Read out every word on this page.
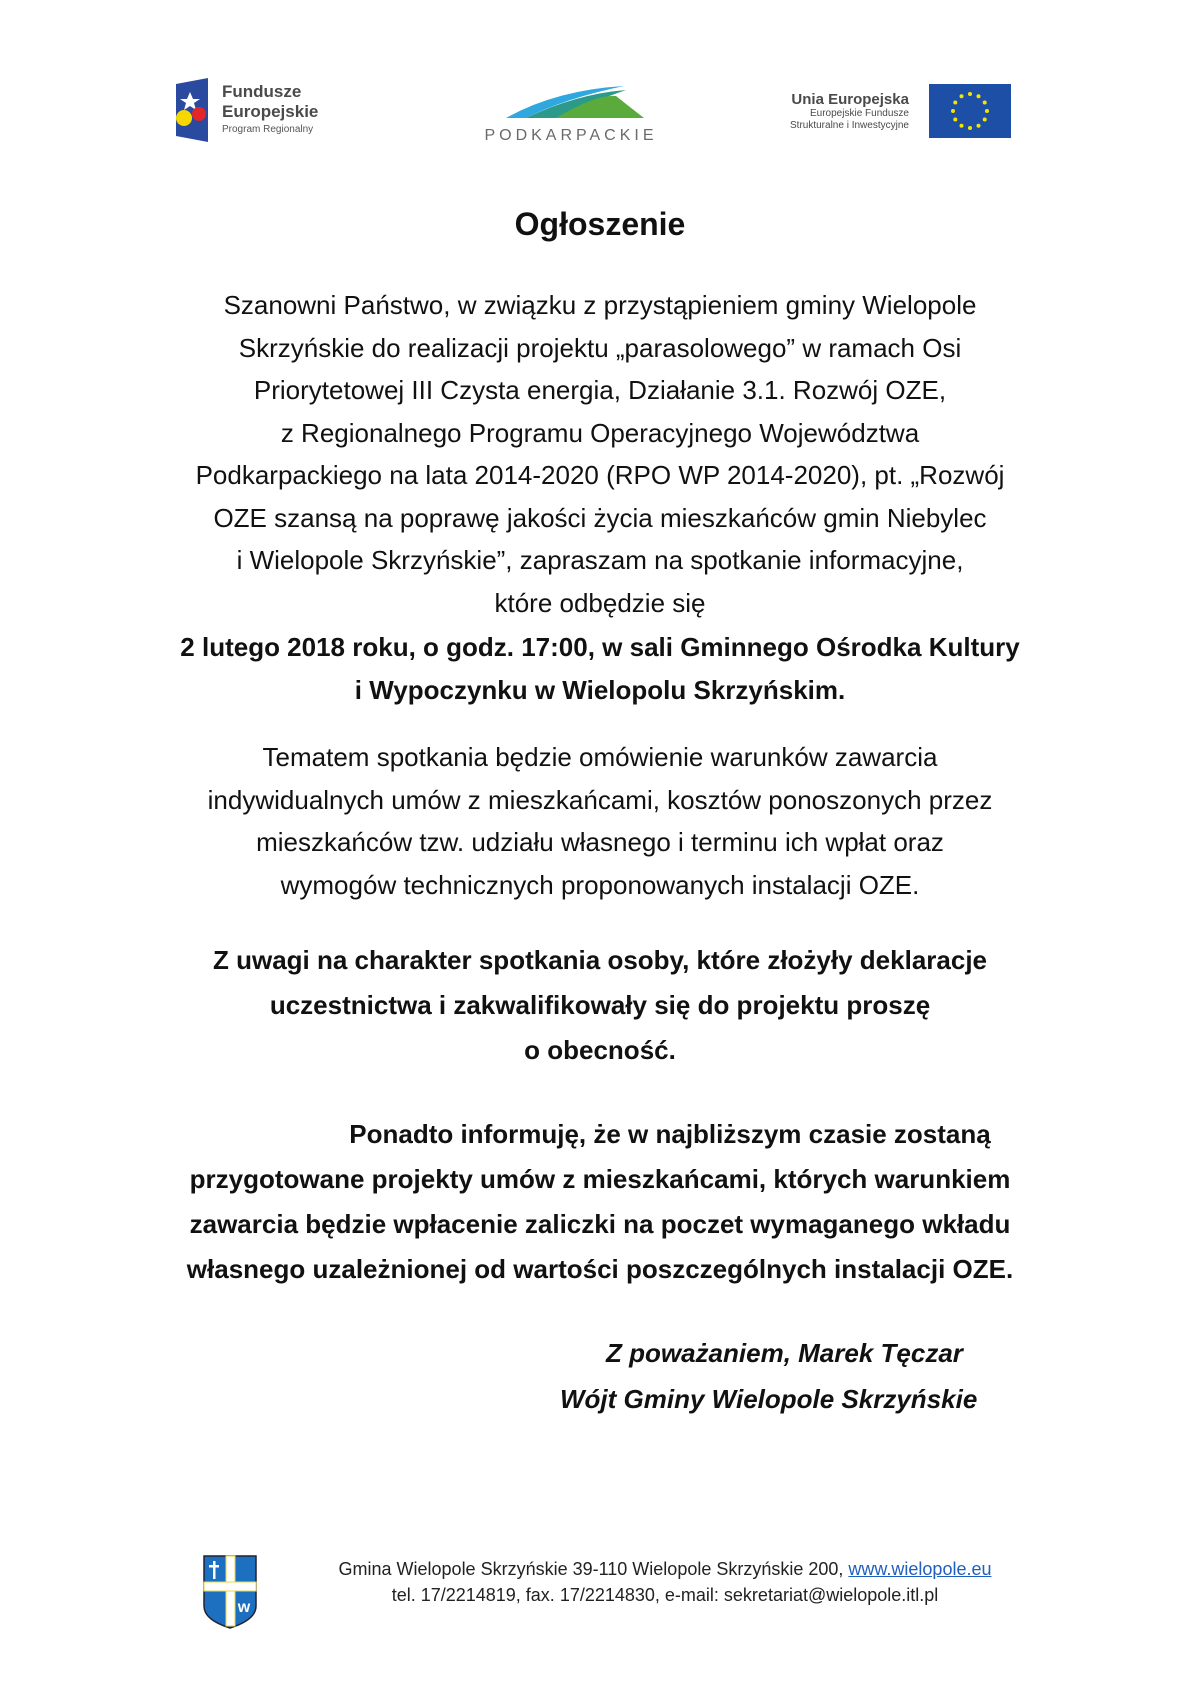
Fundusze
Europejskie
Program Regionalny	PODKARPACKIE
Unia Europejska
Europejskie Fundusze
Strukturalne i Inwestycyjne
Ogłoszenie
Szanowni Państwo, w związku z przystąpieniem gminy Wielopole
Skrzyńskie do realizacji projektu „parasolowego” w ramach Osi
Priorytetowej III Czysta energia, Działanie 3.1. Rozwój OZE,
z Regionalnego Programu Operacyjnego Województwa
Podkarpackiego na lata 2014-2020 (RPO WP 2014-2020), pt. „Rozwój
OZE szansą na poprawę jakości życia mieszkańców gmin Niebylec
i Wielopole Skrzyńskie”, zapraszam na spotkanie informacyjne,
które odbędzie się
2 lutego 2018 roku, o godz. 17:00, w sali Gminnego Ośrodka Kultury
i Wypoczynku w Wielopolu Skrzyńskim.
Tematem spotkania będzie omówienie warunków zawarcia
indywidualnych umów z mieszkańcami, kosztów ponoszonych przez
mieszkańców tzw. udziału własnego i terminu ich wpłat oraz
wymogów technicznych proponowanych instalacji OZE.
Z uwagi na charakter spotkania osoby, które złożyły deklaracje
uczestnictwa i zakwalifikowały się do projektu proszę
o obecność.
Ponadto informuję, że w najbliższym czasie zostaną
przygotowane projekty umów z mieszkańcami, których warunkiem
zawarcia będzie wpłacenie zaliczki na poczet wymaganego wkładu
własnego uzależnionej od wartości poszczególnych instalacji OZE.
Z poważaniem, Marek Tęczar
Wójt Gminy Wielopole Skrzyńskie
w
Gmina Wielopole Skrzyńskie 39-110 Wielopole Skrzyńskie 200, www.wielopole.eu
tel. 17/2214819, fax. 17/2214830, e-mail: sekretariat@wielopole.itl.pl
